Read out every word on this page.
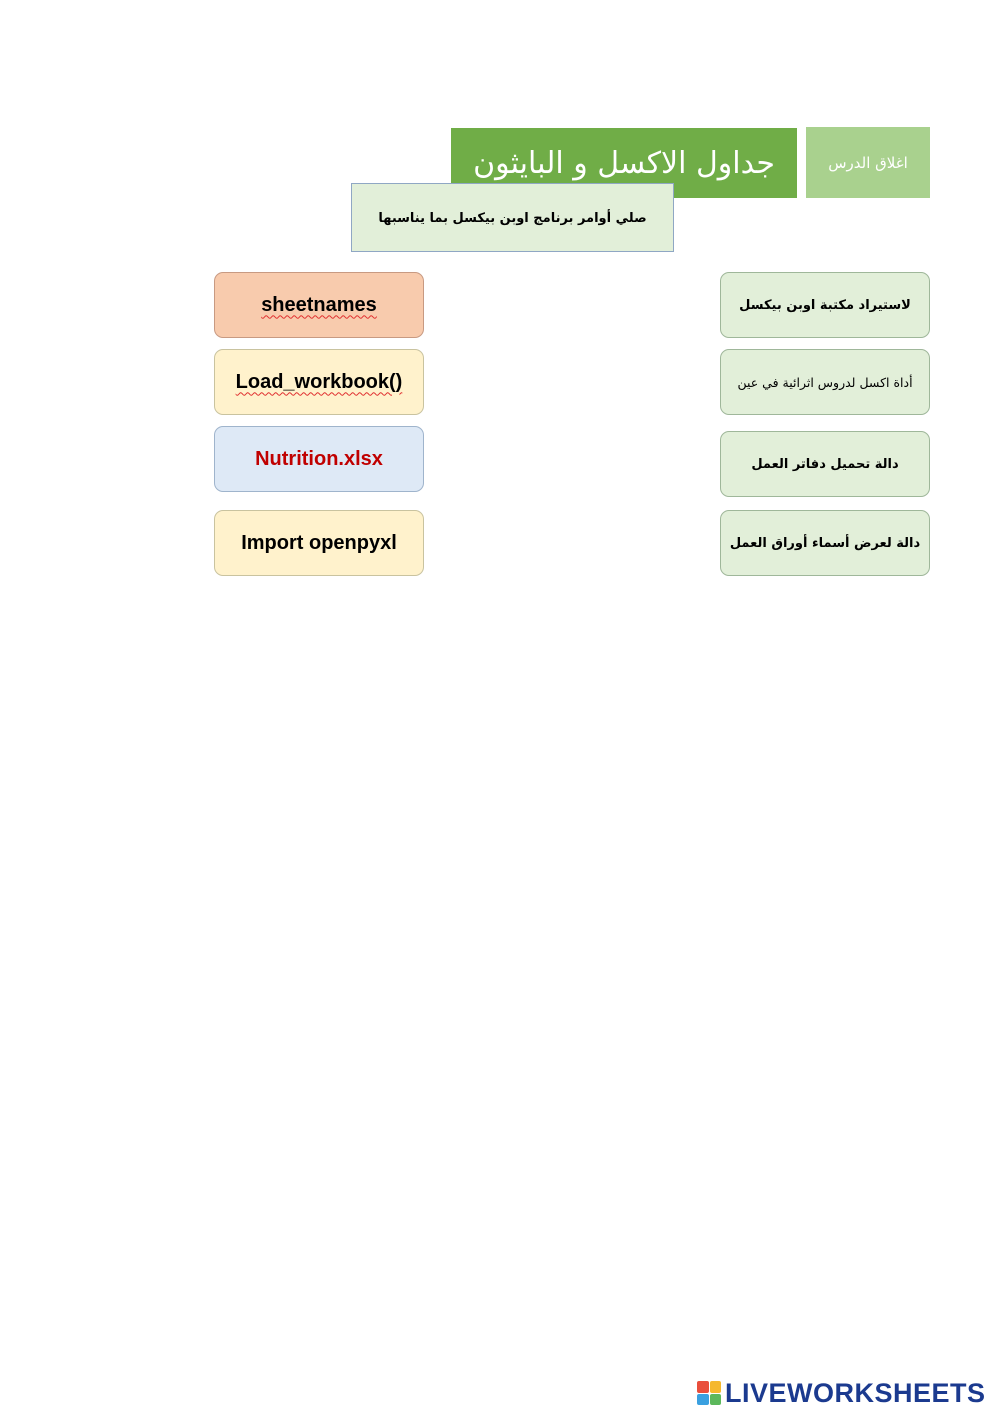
جداول الاكسل و البايثون	اغلاق الدرس
صلي أوامر برنامج اوبن بيكسل بما يناسبها
sheetnames
Load_workbook()
Nutrition.xlsx
Import openpyxl
لاستيراد مكتبة اوبن بيكسل
أداة اكسل لدروس اثرائية في عين
دالة تحميل دفاتر العمل
دالة لعرض أسماء أوراق العمل
LIVEWORKSHEETS
